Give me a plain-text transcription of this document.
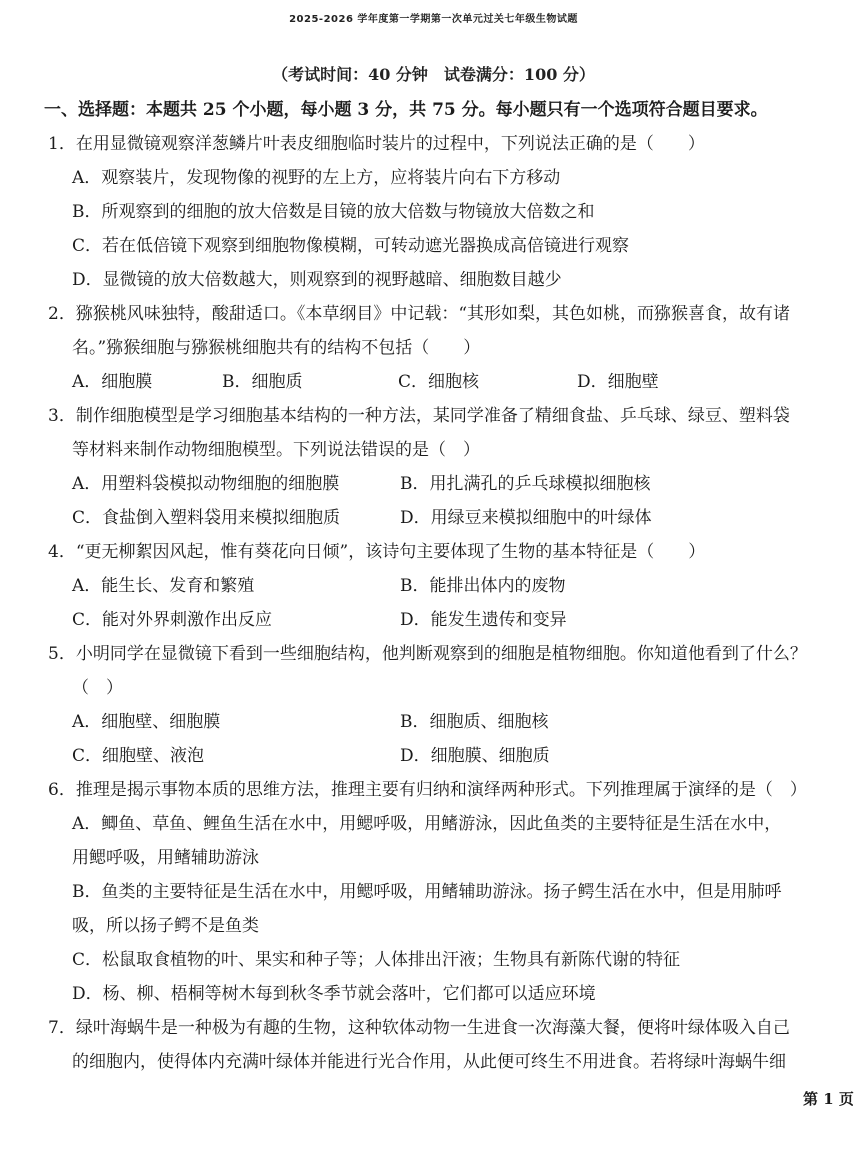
2025-2026 学年度第一学期第一次单元过关七年级生物试题
（考试时间：40 分钟　试卷满分：100 分）
一、选择题：本题共 25 个小题，每小题 3 分，共 75 分。每小题只有一个选项符合题目要求。
1．在用显微镜观察洋葱鳞片叶表皮细胞临时装片的过程中，下列说法正确的是（　　）
A．观察装片，发现物像的视野的左上方，应将装片向右下方移动
B．所观察到的细胞的放大倍数是目镜的放大倍数与物镜放大倍数之和
C．若在低倍镜下观察到细胞物像模糊，可转动遮光器换成高倍镜进行观察
D．显微镜的放大倍数越大，则观察到的视野越暗、细胞数目越少
2．猕猴桃风味独特，酸甜适口。《本草纲目》中记载：“其形如梨，其色如桃，而猕猴喜食，故有诸
名。”猕猴细胞与猕猴桃细胞共有的结构不包括（　　）
A．细胞膜	B．细胞质	C．细胞核	D．细胞壁
3．制作细胞模型是学习细胞基本结构的一种方法，某同学准备了精细食盐、乒乓球、绿豆、塑料袋
等材料来制作动物细胞模型。下列说法错误的是（　）
A．用塑料袋模拟动物细胞的细胞膜	B．用扎满孔的乒乓球模拟细胞核
C．食盐倒入塑料袋用来模拟细胞质	D．用绿豆来模拟细胞中的叶绿体
4．“更无柳絮因风起，惟有葵花向日倾”，该诗句主要体现了生物的基本特征是（　　）
A．能生长、发育和繁殖	B．能排出体内的废物
C．能对外界刺激作出反应	D．能发生遗传和变异
5．小明同学在显微镜下看到一些细胞结构，他判断观察到的细胞是植物细胞。你知道他看到了什么？
（　）
A．细胞壁、细胞膜	B．细胞质、细胞核
C．细胞壁、液泡	D．细胞膜、细胞质
6．推理是揭示事物本质的思维方法，推理主要有归纳和演绎两种形式。下列推理属于演绎的是（　）
A．鲫鱼、草鱼、鲤鱼生活在水中，用鳃呼吸，用鳍游泳，因此鱼类的主要特征是生活在水中，
用鳃呼吸，用鳍辅助游泳
B．鱼类的主要特征是生活在水中，用鳃呼吸，用鳍辅助游泳。扬子鳄生活在水中，但是用肺呼
吸，所以扬子鳄不是鱼类
C．松鼠取食植物的叶、果实和种子等；人体排出汗液；生物具有新陈代谢的特征
D．杨、柳、梧桐等树木每到秋冬季节就会落叶，它们都可以适应环境
7．绿叶海蜗牛是一种极为有趣的生物，这种软体动物一生进食一次海藻大餐，便将叶绿体吸入自己
的细胞内，使得体内充满叶绿体并能进行光合作用，从此便可终生不用进食。若将绿叶海蜗牛细
第 1 页
